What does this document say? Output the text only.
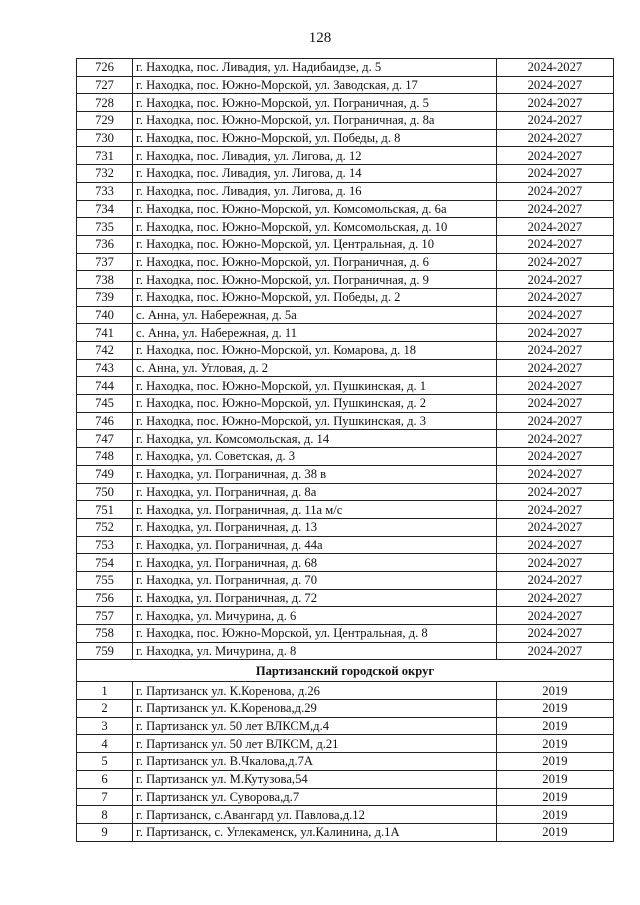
128
726	г. Находка, пос. Ливадия, ул. Надибаидзе, д. 5	2024-2027
727	г. Находка, пос. Южно-Морской, ул. Заводская, д. 17	2024-2027
728	г. Находка, пос. Южно-Морской, ул. Пограничная, д. 5	2024-2027
729	г. Находка, пос. Южно-Морской, ул. Пограничная, д. 8а	2024-2027
730	г. Находка, пос. Южно-Морской, ул. Победы, д. 8	2024-2027
731	г. Находка, пос. Ливадия, ул. Лигова, д. 12	2024-2027
732	г. Находка, пос. Ливадия, ул. Лигова, д. 14	2024-2027
733	г. Находка, пос. Ливадия, ул. Лигова, д. 16	2024-2027
734	г. Находка, пос. Южно-Морской, ул. Комсомольская, д. 6а	2024-2027
735	г. Находка, пос. Южно-Морской, ул. Комсомольская, д. 10	2024-2027
736	г. Находка, пос. Южно-Морской, ул. Центральная, д. 10	2024-2027
737	г. Находка, пос. Южно-Морской, ул. Пограничная, д. 6	2024-2027
738	г. Находка, пос. Южно-Морской, ул. Пограничная, д. 9	2024-2027
739	г. Находка, пос. Южно-Морской, ул. Победы, д. 2	2024-2027
740	с. Анна, ул. Набережная, д. 5а	2024-2027
741	с. Анна, ул. Набережная, д. 11	2024-2027
742	г. Находка, пос. Южно-Морской, ул. Комарова, д. 18	2024-2027
743	с. Анна, ул. Угловая, д. 2	2024-2027
744	г. Находка, пос. Южно-Морской, ул. Пушкинская, д. 1	2024-2027
745	г. Находка, пос. Южно-Морской, ул. Пушкинская, д. 2	2024-2027
746	г. Находка, пос. Южно-Морской, ул. Пушкинская, д. 3	2024-2027
747	г. Находка, ул. Комсомольская, д. 14	2024-2027
748	г. Находка, ул. Советская, д. 3	2024-2027
749	г. Находка, ул. Пограничная, д. 38 в	2024-2027
750	г. Находка, ул. Пограничная, д. 8а	2024-2027
751	г. Находка, ул. Пограничная, д. 11а м/с	2024-2027
752	г. Находка, ул. Пограничная, д. 13	2024-2027
753	г. Находка, ул. Пограничная, д. 44а	2024-2027
754	г. Находка, ул. Пограничная, д. 68	2024-2027
755	г. Находка, ул. Пограничная, д. 70	2024-2027
756	г. Находка, ул. Пограничная, д. 72	2024-2027
757	г. Находка, ул. Мичурина, д. 6	2024-2027
758	г. Находка, пос. Южно-Морской, ул. Центральная, д. 8	2024-2027
759	г. Находка, ул. Мичурина, д. 8	2024-2027
Партизанский городской округ		
1	г. Партизанск ул. К.Коренова, д.26	2019
2	г. Партизанск ул. К.Коренова,д.29	2019
3	г. Партизанск ул. 50 лет ВЛКСМ,д.4	2019
4	г. Партизанск ул. 50 лет ВЛКСМ, д.21	2019
5	г. Партизанск ул. В.Чкалова,д.7А	2019
6	г. Партизанск ул. М.Кутузова,54	2019
7	г. Партизанск ул. Суворова,д.7	2019
8	г. Партизанск, с.Авангард ул. Павлова,д.12	2019
9	г. Партизанск, с. Углекаменск, ул.Калинина, д.1А	2019
